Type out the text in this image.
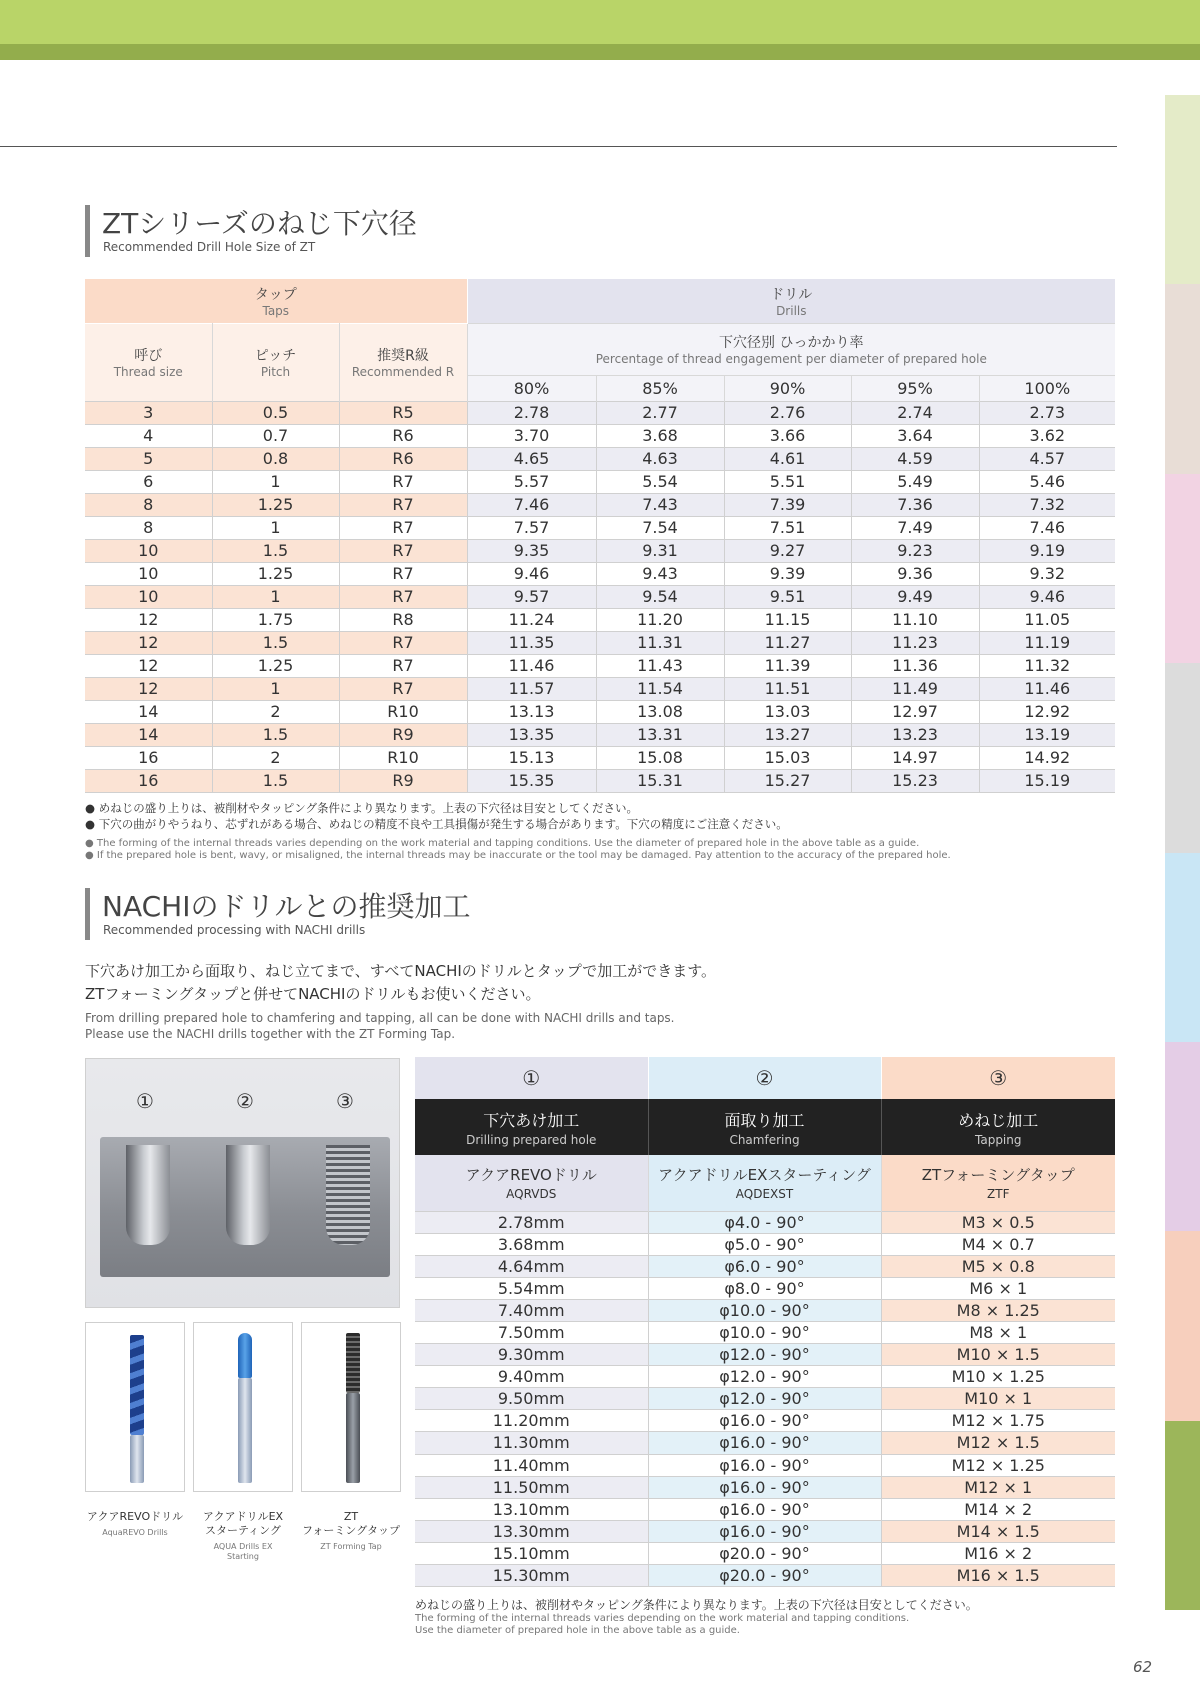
ZTシリーズのねじ下穴径
Recommended Drill Hole Size of ZT
タップ
Taps			ドリル
Drills				

呼び
Thread size	ピッチ
Pitch	推奨R級
Recommended R	下穴径別 ひっかかり率
Percentage of thread engagement per diameter of prepared hole				

			80%	85%	90%	95%	100%
3	0.5	R5	2.78	2.77	2.76	2.74	2.73
4	0.7	R6	3.70	3.68	3.66	3.64	3.62
5	0.8	R6	4.65	4.63	4.61	4.59	4.57
6	1	R7	5.57	5.54	5.51	5.49	5.46
8	1.25	R7	7.46	7.43	7.39	7.36	7.32
8	1	R7	7.57	7.54	7.51	7.49	7.46
10	1.5	R7	9.35	9.31	9.27	9.23	9.19
10	1.25	R7	9.46	9.43	9.39	9.36	9.32
10	1	R7	9.57	9.54	9.51	9.49	9.46
12	1.75	R8	11.24	11.20	11.15	11.10	11.05
12	1.5	R7	11.35	11.31	11.27	11.23	11.19
12	1.25	R7	11.46	11.43	11.39	11.36	11.32
12	1	R7	11.57	11.54	11.51	11.49	11.46
14	2	R10	13.13	13.08	13.03	12.97	12.92
14	1.5	R9	13.35	13.31	13.27	13.23	13.19
16	2	R10	15.13	15.08	15.03	14.97	14.92
16	1.5	R9	15.35	15.31	15.27	15.23	15.19

● めねじの盛り上りは、被削材やタッピング条件により異なります。上表の下穴径は目安としてください。

● 下穴の曲がりやうねり、芯ずれがある場合、めねじの精度不良や工具損傷が発生する場合があります。下穴の精度にご注意ください。

● The forming of the internal threads varies depending on the work material and tapping conditions. Use the diameter of prepared hole in the above table as a guide.

● If the prepared hole is bent, wavy, or misaligned, the internal threads may be inaccurate or the tool may be damaged. Pay attention to the accuracy of the prepared hole.

NACHIのドリルとの推奨加工
Recommended processing with NACHI drills

下穴あけ加工から面取り、ねじ立てまで、すべてNACHIのドリルとタップで加工ができます。

ZTフォーミングタップと併せてNACHIのドリルもお使いください。

From drilling prepared hole to chamfering and tapping, all can be done with NACHI drills and taps.

Please use the NACHI drills together with the ZT Forming Tap.

①	②	③
アクアREVOドリル
AquaREVO Drills
アクアドリルEX
スターティング
AQUA Drills EX
Starting
ZT
フォーミングタップ
ZT Forming Tap
①	②	③

下穴あけ加工
Drilling prepared hole	面取り加工
Chamfering	めねじ加工
Tapping

アクアREVOドリル
AQRVDS	アクアドリルEXスターティング
AQDEXST	ZTフォーミングタップ
ZTF

2.78mm	φ4.0 - 90°	M3 × 0.5
3.68mm	φ5.0 - 90°	M4 × 0.7
4.64mm	φ6.0 - 90°	M5 × 0.8
5.54mm	φ8.0 - 90°	M6 × 1
7.40mm	φ10.0 - 90°	M8 × 1.25
7.50mm	φ10.0 - 90°	M8 × 1
9.30mm	φ12.0 - 90°	M10 × 1.5
9.40mm	φ12.0 - 90°	M10 × 1.25
9.50mm	φ12.0 - 90°	M10 × 1
11.20mm	φ16.0 - 90°	M12 × 1.75
11.30mm	φ16.0 - 90°	M12 × 1.5
11.40mm	φ16.0 - 90°	M12 × 1.25
11.50mm	φ16.0 - 90°	M12 × 1
13.10mm	φ16.0 - 90°	M14 × 2
13.30mm	φ16.0 - 90°	M14 × 1.5
15.10mm	φ20.0 - 90°	M16 × 2
15.30mm	φ20.0 - 90°	M16 × 1.5

めねじの盛り上りは、被削材やタッピング条件により異なります。上表の下穴径は目安としてください。

The forming of the internal threads varies depending on the work material and tapping conditions.

Use the diameter of prepared hole in the above table as a guide.

62
